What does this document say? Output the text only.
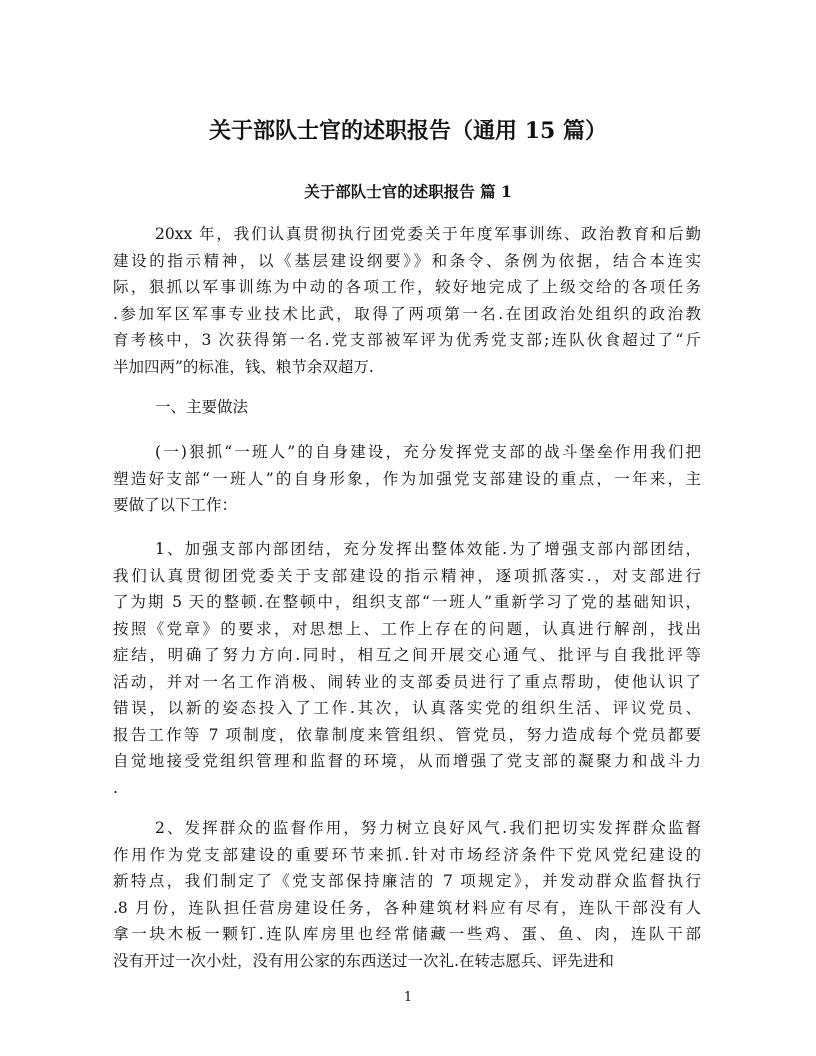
关于部队士官的述职报告（通用 15 篇）
关于部队士官的述职报告 篇 1
20xx 年，我们认真贯彻执行团党委关于年度军事训练、政治教育和后勤
建设的指示精神，以《基层建设纲要》》和条令、条例为依据，结合本连实
际，狠抓以军事训练为中动的各项工作，较好地完成了上级交给的各项任务
.参加军区军事专业技术比武，取得了两项第一名.在团政治处组织的政治教
育考核中，3 次获得第一名.党支部被军评为优秀党支部;连队伙食超过了“斤
半加四两”的标准，钱、粮节余双超万.
一、主要做法
(一)狠抓“一班人”的自身建设，充分发挥党支部的战斗堡垒作用我们把
塑造好支部“一班人”的自身形象，作为加强党支部建设的重点，一年来，主
要做了以下工作：
1、加强支部内部团结，充分发挥出整体效能.为了增强支部内部团结，
我们认真贯彻团党委关于支部建设的指示精神，逐项抓落实.，对支部进行
了为期 5 天的整顿.在整顿中，组织支部“一班人”重新学习了党的基础知识，
按照《党章》的要求，对思想上、工作上存在的问题，认真进行解剖，找出
症结，明确了努力方向.同时，相互之间开展交心通气、批评与自我批评等
活动，并对一名工作消极、闹转业的支部委员进行了重点帮助，使他认识了
错误，以新的姿态投入了工作.其次，认真落实党的组织生活、评议党员、
报告工作等 7 项制度，依靠制度来管组织、管党员，努力造成每个党员都要
自觉地接受党组织管理和监督的环境，从而增强了党支部的凝聚力和战斗力
.
2、发挥群众的监督作用，努力树立良好风气.我们把切实发挥群众监督
作用作为党支部建设的重要环节来抓.针对市场经济条件下党风党纪建设的
新特点，我们制定了《党支部保持廉洁的 7 项规定》，并发动群众监督执行
.8 月份，连队担任营房建设任务，各种建筑材料应有尽有，连队干部没有人
拿一块木板一颗钉.连队库房里也经常储藏一些鸡、蛋、鱼、肉，连队干部
没有开过一次小灶，没有用公家的东西送过一次礼.在转志愿兵、评先进和
1
